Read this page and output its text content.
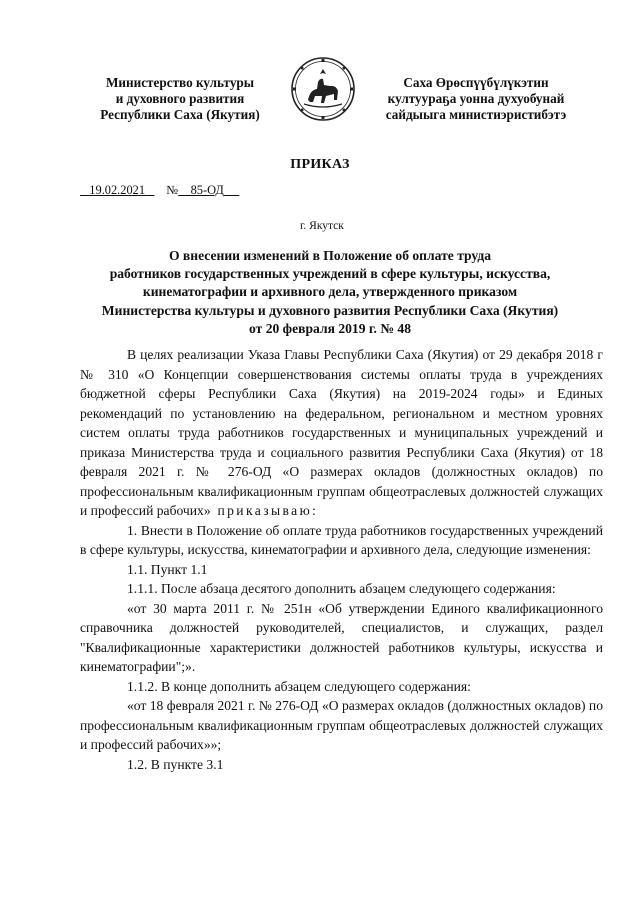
Министерство культуры
и духовного развития
Республики Саха (Якутия)
Саха Өрөспүүбүлүкэтин
култуураҕа уонна духуобунай
сайдыыга министиэристибэтэ
ПРИКАЗ
19.02.2021 № 85-ОД
г. Якутск
О внесении изменений в Положение об оплате труда
работников государственных учреждений в сфере культуры, искусства,
кинематографии и архивного дела, утвержденного приказом
Министерства культуры и духовного развития Республики Саха (Якутия)
от 20 февраля 2019 г. № 48

В целях реализации Указа Главы Республики Саха (Якутия) от 29 декабря 2018 г № 310 «О Концепции совершенствования системы оплаты труда в учреждениях бюджетной сферы Республики Саха (Якутия) на 2019-2024 годы» и Единых рекомендаций по установлению на федеральном, региональном и местном уровнях систем оплаты труда работников государственных и муниципальных учреждений и приказа Министерства труда и социального развития Республики Саха (Якутия) от 18 февраля 2021 г. № 276-ОД «О размерах окладов (должностных окладов) по профессиональным квалификационным группам общеотраслевых должностей служащих и профессий рабочих» приказываю:

1. Внести в Положение об оплате труда работников государственных учреждений в сфере культуры, искусства, кинематографии и архивного дела, следующие изменения:

1.1. Пункт 1.1

1.1.1. После абзаца десятого дополнить абзацем следующего содержания:

«от 30 марта 2011 г. № 251н «Об утверждении Единого квалификационного справочника должностей руководителей, специалистов, и служащих, раздел "Квалификационные характеристики должностей работников культуры, искусства и кинематографии";».

1.1.2. В конце дополнить абзацем следующего содержания:

«от 18 февраля 2021 г. № 276-ОД «О размерах окладов (должностных окладов) по профессиональным квалификационным группам общеотраслевых должностей служащих и профессий рабочих»»;

1.2. В пункте 3.1
